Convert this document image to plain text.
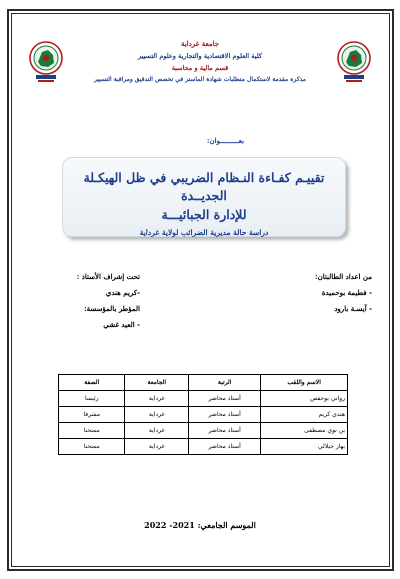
جامعة غرداية
كلية العلوم الاقتصادية والتجارية وعلوم التسيير
قسم مالية و محاسبة
مذكرة مقدمة لاستكمال متطلبات شهادة الماستر في تخصص التدقيق ومراقبة التسيير
بعـــــــــوان:
تقييـم كفـاءة النـظام الضريبي في ظل الهيكـلة الجديــدة
للإدارة الجبائيـــة
دراسة حالة مديرية الضرائب لولاية غرداية
من اعداد الطالبتان:
- فطيمة بوحميدة
- آيسـة بارود
تحت إشراف الأستاذ :
-كريم هندي
المؤطر بالمؤسسة:
- العيد غشي
الاسم واللقب	الرتبة	الجامعة	الصفة
رواني بوحفص	أستاذ محاضر	غرداية	رئيسا
هندي كريم	أستاذ محاضر	غرداية	مشرفا
بن نوي مصطفى	أستاذ محاضر	غرداية	ممتحنا
بهاز جيلالي	أستاذ محاضر	غرداية	ممتحنا
الموسم الجامعي: 2021- 2022
